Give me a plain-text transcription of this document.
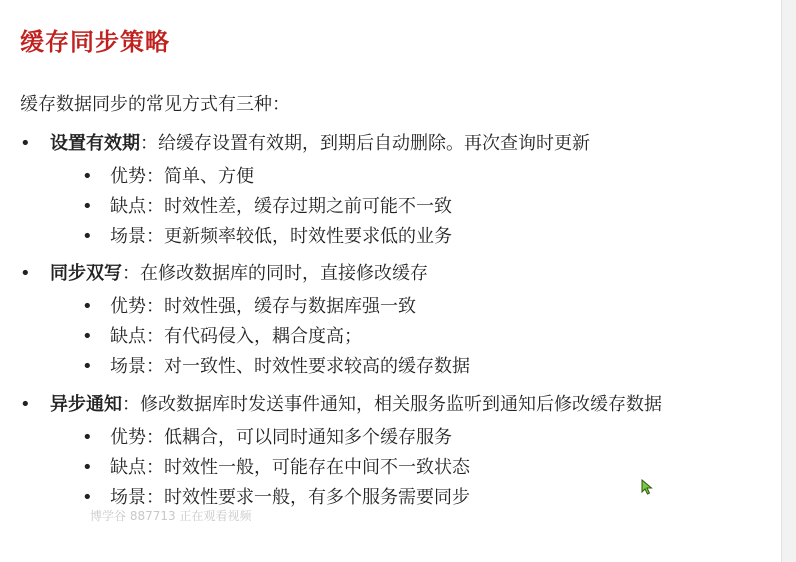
缓存同步策略
缓存数据同步的常见方式有三种：
• 设置有效期：给缓存设置有效期，到期后自动删除。再次查询时更新
• 优势：简单、方便
• 缺点：时效性差，缓存过期之前可能不一致
• 场景：更新频率较低，时效性要求低的业务
• 同步双写：在修改数据库的同时，直接修改缓存
• 优势：时效性强，缓存与数据库强一致
• 缺点：有代码侵入，耦合度高；
• 场景：对一致性、时效性要求较高的缓存数据
• 异步通知：修改数据库时发送事件通知，相关服务监听到通知后修改缓存数据
• 优势：低耦合，可以同时通知多个缓存服务
• 缺点：时效性一般，可能存在中间不一致状态
• 场景：时效性要求一般，有多个服务需要同步
博学谷 887713 正在观看视频
